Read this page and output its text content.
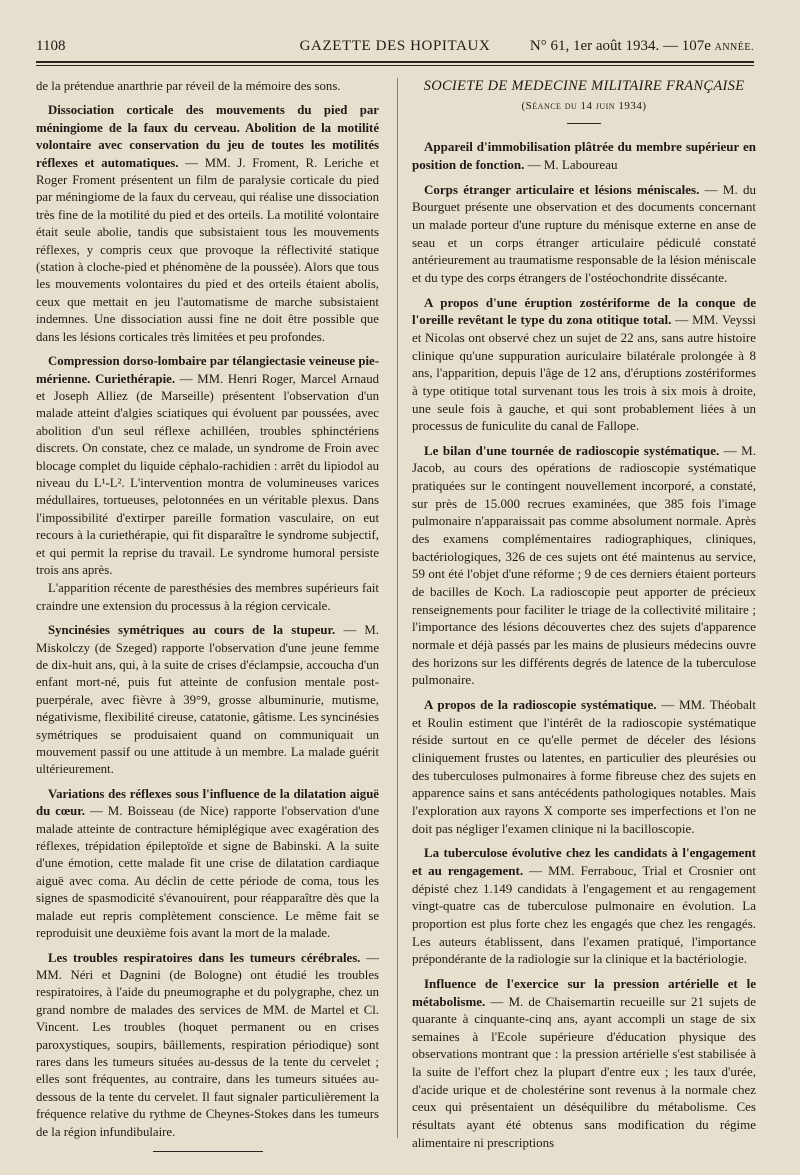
1108	GAZETTE DES HOPITAUX	N° 61, 1er août 1934. — 107e ANNÉE.

de la prétendue anarthrie par réveil de la mémoire des sons.

Dissociation corticale des mouvements du pied par méningiome de la faux du cerveau. Abolition de la motilité volontaire avec conservation du jeu de toutes les motilités réflexes et automatiques. — MM. J. Froment, R. Leriche et Roger Froment présentent un film de paralysie corticale du pied par méningiome de la faux du cerveau, qui réalise une dissociation très fine de la motilité du pied et des orteils. La motilité volontaire était seule abolie, tandis que subsistaient tous les mouvements réflexes, y compris ceux que provoque la réflectivité statique (station à cloche-pied et phénomène de la poussée). Alors que tous les mouvements volontaires du pied et des orteils étaient abolis, ceux que mettait en jeu l'automatisme de marche subsistaient indemnes. Une dissociation aussi fine ne doit être possible que dans les lésions corticales très limitées et peu profondes.

Compression dorso-lombaire par télangiectasie veineuse pie-mérienne. Curiethérapie. — MM. Henri Roger, Marcel Arnaud et Joseph Alliez (de Marseille) présentent l'observation d'un malade atteint d'algies sciatiques qui évoluent par poussées, avec abolition d'un seul réflexe achilléen, troubles sphinctériens discrets. On constate, chez ce malade, un syndrome de Froin avec blocage complet du liquide céphalo-rachidien : arrêt du lipiodol au niveau du L¹-L². L'intervention montra de volumineuses varices médullaires, tortueuses, pelotonnées en un véritable plexus. Dans l'impossibilité d'extirper pareille formation vasculaire, on eut recours à la curiethérapie, qui fit disparaître le syndrome subjectif, et qui permit la reprise du travail. Le syndrome humoral persiste trois ans après.

L'apparition récente de paresthésies des membres supérieurs fait craindre une extension du processus à la région cervicale.

Syncinésies symétriques au cours de la stupeur. — M. Miskolczy (de Szeged) rapporte l'observation d'une jeune femme de dix-huit ans, qui, à la suite de crises d'éclampsie, accoucha d'un enfant mort-né, puis fut atteinte de confusion mentale post-puerpérale, avec fièvre à 39°9, grosse albuminurie, mutisme, négativisme, flexibilité cireuse, catatonie, gâtisme. Les syncinésies symétriques se produisaient quand on communiquait un mouvement passif ou une attitude à un membre. La malade guérit ultérieurement.

Variations des réflexes sous l'influence de la dilatation aiguë du cœur. — M. Boisseau (de Nice) rapporte l'observation d'une malade atteinte de contracture hémiplégique avec exagération des réflexes, trépidation épileptoïde et signe de Babinski. A la suite d'une émotion, cette malade fit une crise de dilatation cardiaque aiguë avec coma. Au déclin de cette période de coma, tous les signes de spasmodicité s'évanouirent, pour réapparaître dès que la malade eut repris complètement conscience. Le même fait se reproduisit une deuxième fois avant la mort de la malade.

Les troubles respiratoires dans les tumeurs cérébrales. — MM. Néri et Dagnini (de Bologne) ont étudié les troubles respiratoires, à l'aide du pneumographe et du polygraphe, chez un grand nombre de malades des services de MM. de Martel et Cl. Vincent. Les troubles (hoquet permanent ou en crises paroxystiques, soupirs, bâillements, respiration périodique) sont rares dans les tumeurs situées au-dessus de la tente du cervelet ; elles sont fréquentes, au contraire, dans les tumeurs situées au-dessous de la tente du cervelet. Il faut signaler particulièrement la fréquence relative du rythme de Cheynes-Stokes dans les tumeurs de la région infundibulaire.

SOCIETE DE MEDECINE MILITAIRE FRANÇAISE
(Séance du 14 juin 1934)

Appareil d'immobilisation plâtrée du membre supérieur en position de fonction. — M. Laboureau

Corps étranger articulaire et lésions méniscales. — M. du Bourguet présente une observation et des documents concernant un malade porteur d'une rupture du ménisque externe en anse de seau et un corps étranger articulaire pédiculé constaté antérieurement au traumatisme responsable de la lésion méniscale et du type des corps étrangers de l'ostéochondrite dissécante.

A propos d'une éruption zostériforme de la conque de l'oreille revêtant le type du zona otitique total. — MM. Veyssi et Nicolas ont observé chez un sujet de 22 ans, sans autre histoire clinique qu'une suppuration auriculaire bilatérale prolongée à 8 ans, l'apparition, depuis l'âge de 12 ans, d'éruptions zostériformes à type otitique total survenant tous les trois à six mois à droite, une seule fois à gauche, et qui sont probablement liées à un processus de funiculite du canal de Fallope.

Le bilan d'une tournée de radioscopie systématique. — M. Jacob, au cours des opérations de radioscopie systématique pratiquées sur le contingent nouvellement incorporé, a constaté, sur près de 15.000 recrues examinées, que 385 fois l'image pulmonaire n'apparaissait pas comme absolument normale. Après des examens complémentaires radiographiques, cliniques, bactériologiques, 326 de ces sujets ont été maintenus au service, 59 ont été l'objet d'une réforme ; 9 de ces derniers étaient porteurs de bacilles de Koch. La radioscopie peut apporter de précieux renseignements pour faciliter le triage de la collectivité militaire ; l'importance des lésions découvertes chez des sujets d'apparence normale et déjà passés par les mains de plusieurs médecins ouvre des horizons sur les différents degrés de latence de la tuberculose pulmonaire.

A propos de la radioscopie systématique. — MM. Théobalt et Roulin estiment que l'intérêt de la radioscopie systématique réside surtout en ce qu'elle permet de déceler des lésions cliniquement frustes ou latentes, en particulier des pleurésies ou des tuberculoses pulmonaires à forme fibreuse chez des sujets en apparence sains et sans antécédents pathologiques notables. Mais l'exploration aux rayons X comporte ses imperfections et l'on ne doit pas négliger l'examen clinique ni la bacilloscopie.

La tuberculose évolutive chez les candidats à l'engagement et au rengagement. — MM. Ferrabouc, Trial et Crosnier ont dépisté chez 1.149 candidats à l'engagement et au rengagement vingt-quatre cas de tuberculose pulmonaire en évolution. La proportion est plus forte chez les engagés que chez les rengagés. Les auteurs établissent, dans l'examen pratiqué, l'importance prépondérante de la radiologie sur la clinique et la bactériologie.

Influence de l'exercice sur la pression artérielle et le métabolisme. — M. de Chaisemartin recueille sur 21 sujets de quarante à cinquante-cinq ans, ayant accompli un stage de six semaines à l'Ecole supérieure d'éducation physique des observations montrant que : la pression artérielle s'est stabilisée à la suite de l'effort chez la plupart d'entre eux ; les taux d'urée, d'acide urique et de cholestérine sont revenus à la normale chez ceux qui présentaient un déséquilibre du métabolisme. Ces résultats ayant été obtenus sans modification du régime alimentaire ni prescriptions
